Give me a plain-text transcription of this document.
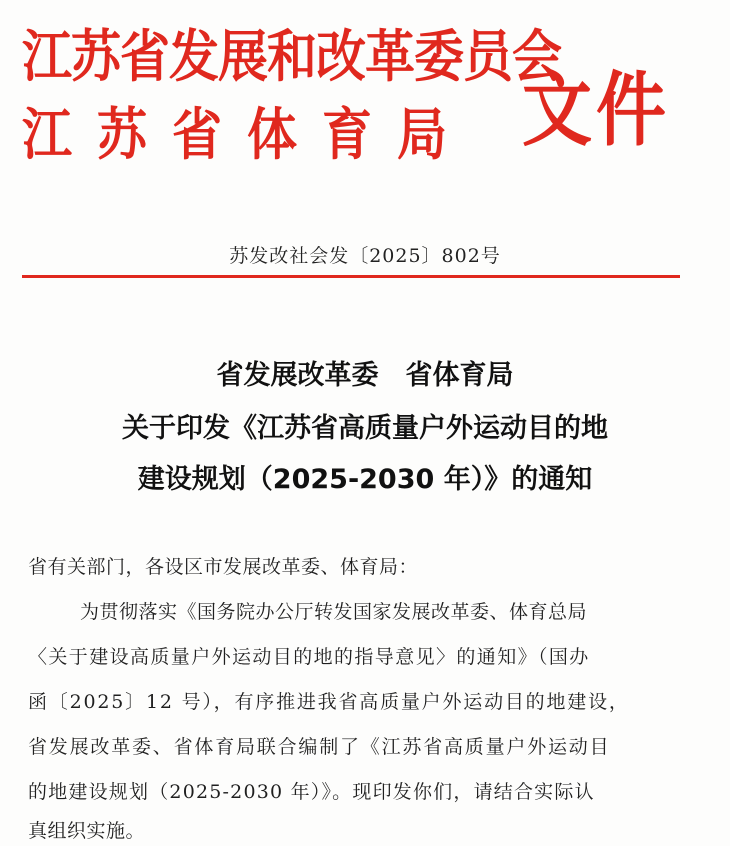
江苏省发展和改革委员会
江苏省体育局 文件
苏发改社会发〔2025〕802号
省发展改革委　省体育局
关于印发《江苏省高质量户外运动目的地
建设规划（2025-2030 年）》的通知
省有关部门，各设区市发展改革委、体育局：
为贯彻落实《国务院办公厅转发国家发展改革委、体育总局
〈关于建设高质量户外运动目的地的指导意见〉的通知》（国办
函〔2025〕12 号），有序推进我省高质量户外运动目的地建设，
省发展改革委、省体育局联合编制了《江苏省高质量户外运动目
的地建设规划（2025-2030 年）》。现印发你们，请结合实际认
真组织实施。
